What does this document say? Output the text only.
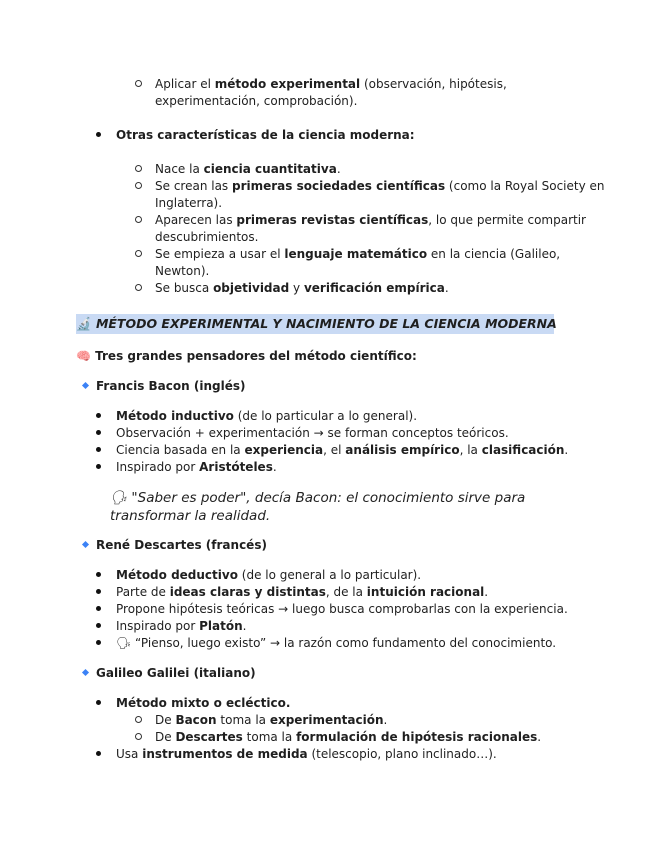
Aplicar el método experimental (observación, hipótesis,
experimentación, comprobación).
Otras características de la ciencia moderna:
Nace la ciencia cuantitativa.
Se crean las primeras sociedades científicas (como la Royal Society en
Inglaterra).
Aparecen las primeras revistas científicas, lo que permite compartir
descubrimientos.
Se empieza a usar el lenguaje matemático en la ciencia (Galileo,
Newton).
Se busca objetividad y verificación empírica.
🔬 MÉTODO EXPERIMENTAL Y NACIMIENTO DE LA CIENCIA MODERNA
🧠 Tres grandes pensadores del método científico:
Francis Bacon (inglés)
Método inductivo (de lo particular a lo general).
Observación + experimentación → se forman conceptos teóricos.
Ciencia basada en la experiencia, el análisis empírico, la clasificación.
Inspirado por Aristóteles.
🗣 "Saber es poder", decía Bacon: el conocimiento sirve para
transformar la realidad.
René Descartes (francés)
Método deductivo (de lo general a lo particular).
Parte de ideas claras y distintas, de la intuición racional.
Propone hipótesis teóricas → luego busca comprobarlas con la experiencia.
Inspirado por Platón.
🗣 “Pienso, luego existo” → la razón como fundamento del conocimiento.
Galileo Galilei (italiano)
Método mixto o ecléctico.
De Bacon toma la experimentación.
De Descartes toma la formulación de hipótesis racionales.
Usa instrumentos de medida (telescopio, plano inclinado…).
